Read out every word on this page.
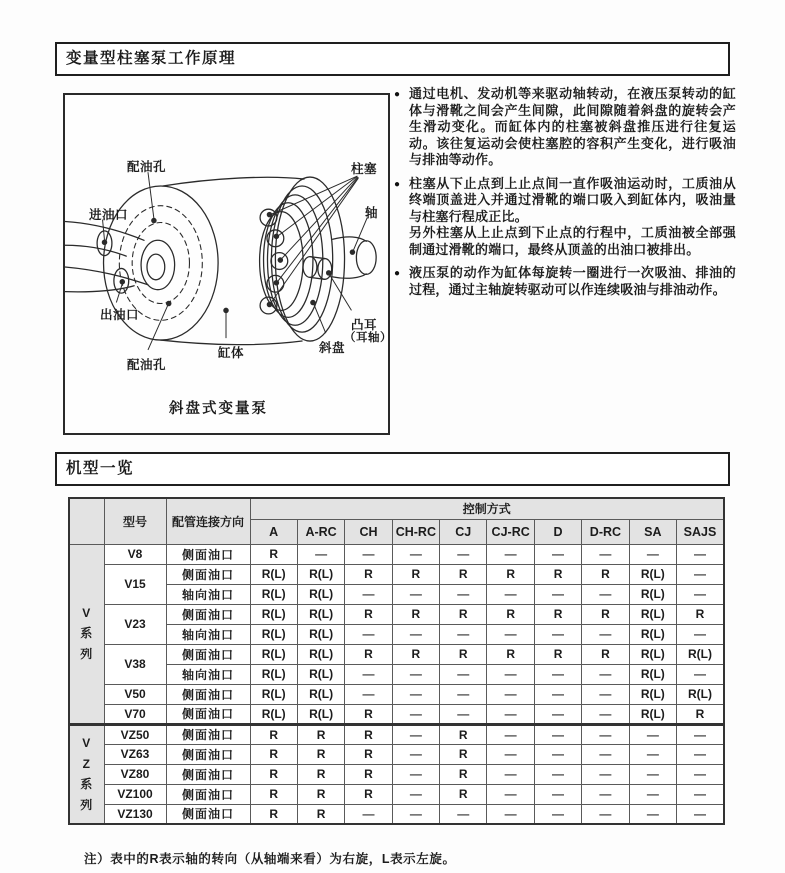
变量型柱塞泵工作原理
配油孔	柱塞
进油口	轴
出油口
凸耳
（耳轴）
斜盘
配油孔
缸体
斜盘式变量泵
● 通过电机、发动机等来驱动轴转动，在液压泵转动的缸体与滑靴之间会产生间隙，此间隙随着斜盘的旋转会产生滑动变化。而缸体内的柱塞被斜盘推压进行往复运动。该往复运动会使柱塞腔的容积产生变化，进行吸油与排油等动作。

● 柱塞从下止点到上止点间一直作吸油运动时，工质油从终端顶盖进入并通过滑靴的端口吸入到缸体内，吸油量与柱塞行程成正比。

另外柱塞从上止点到下止点的行程中，工质油被全部强制通过滑靴的端口，最终从顶盖的出油口被排出。

● 液压泵的动作为缸体每旋转一圈进行一次吸油、排油的过程，通过主轴旋转驱动可以作连续吸油与排油动作。

机型一览
	型号	配管连接方向	控制方式									
			A	A-RC	CH	CH-RC	CJ	CJ-RC	D	D-RC	SA	SAJS

V
系
列	V8	侧面油口	R	—	—	—	—	—	—	—	—	—
	V15	侧面油口	R(L)	R(L)	R	R	R	R	R	R	R(L)	—
		轴向油口	R(L)	R(L)	—	—	—	—	—	—	R(L)	—
	V23	侧面油口	R(L)	R(L)	R	R	R	R	R	R	R(L)	R
		轴向油口	R(L)	R(L)	—	—	—	—	—	—	R(L)	—
	V38	侧面油口	R(L)	R(L)	R	R	R	R	R	R	R(L)	R(L)
		轴向油口	R(L)	R(L)	—	—	—	—	—	—	R(L)	—
	V50	侧面油口	R(L)	R(L)	—	—	—	—	—	—	R(L)	R(L)
	V70	侧面油口	R(L)	R(L)	R	—	—	—	—	—	R(L)	R

V
Z
系
列	VZ50	侧面油口	R	R	R	—	R	—	—	—	—	—
	VZ63	侧面油口	R	R	R	—	R	—	—	—	—	—
	VZ80	侧面油口	R	R	R	—	R	—	—	—	—	—
	VZ100	侧面油口	R	R	R	—	R	—	—	—	—	—
	VZ130	侧面油口	R	R	—	—	—	—	—	—	—	—
注）表中的R表示轴的转向（从轴端来看）为右旋，L表示左旋。
